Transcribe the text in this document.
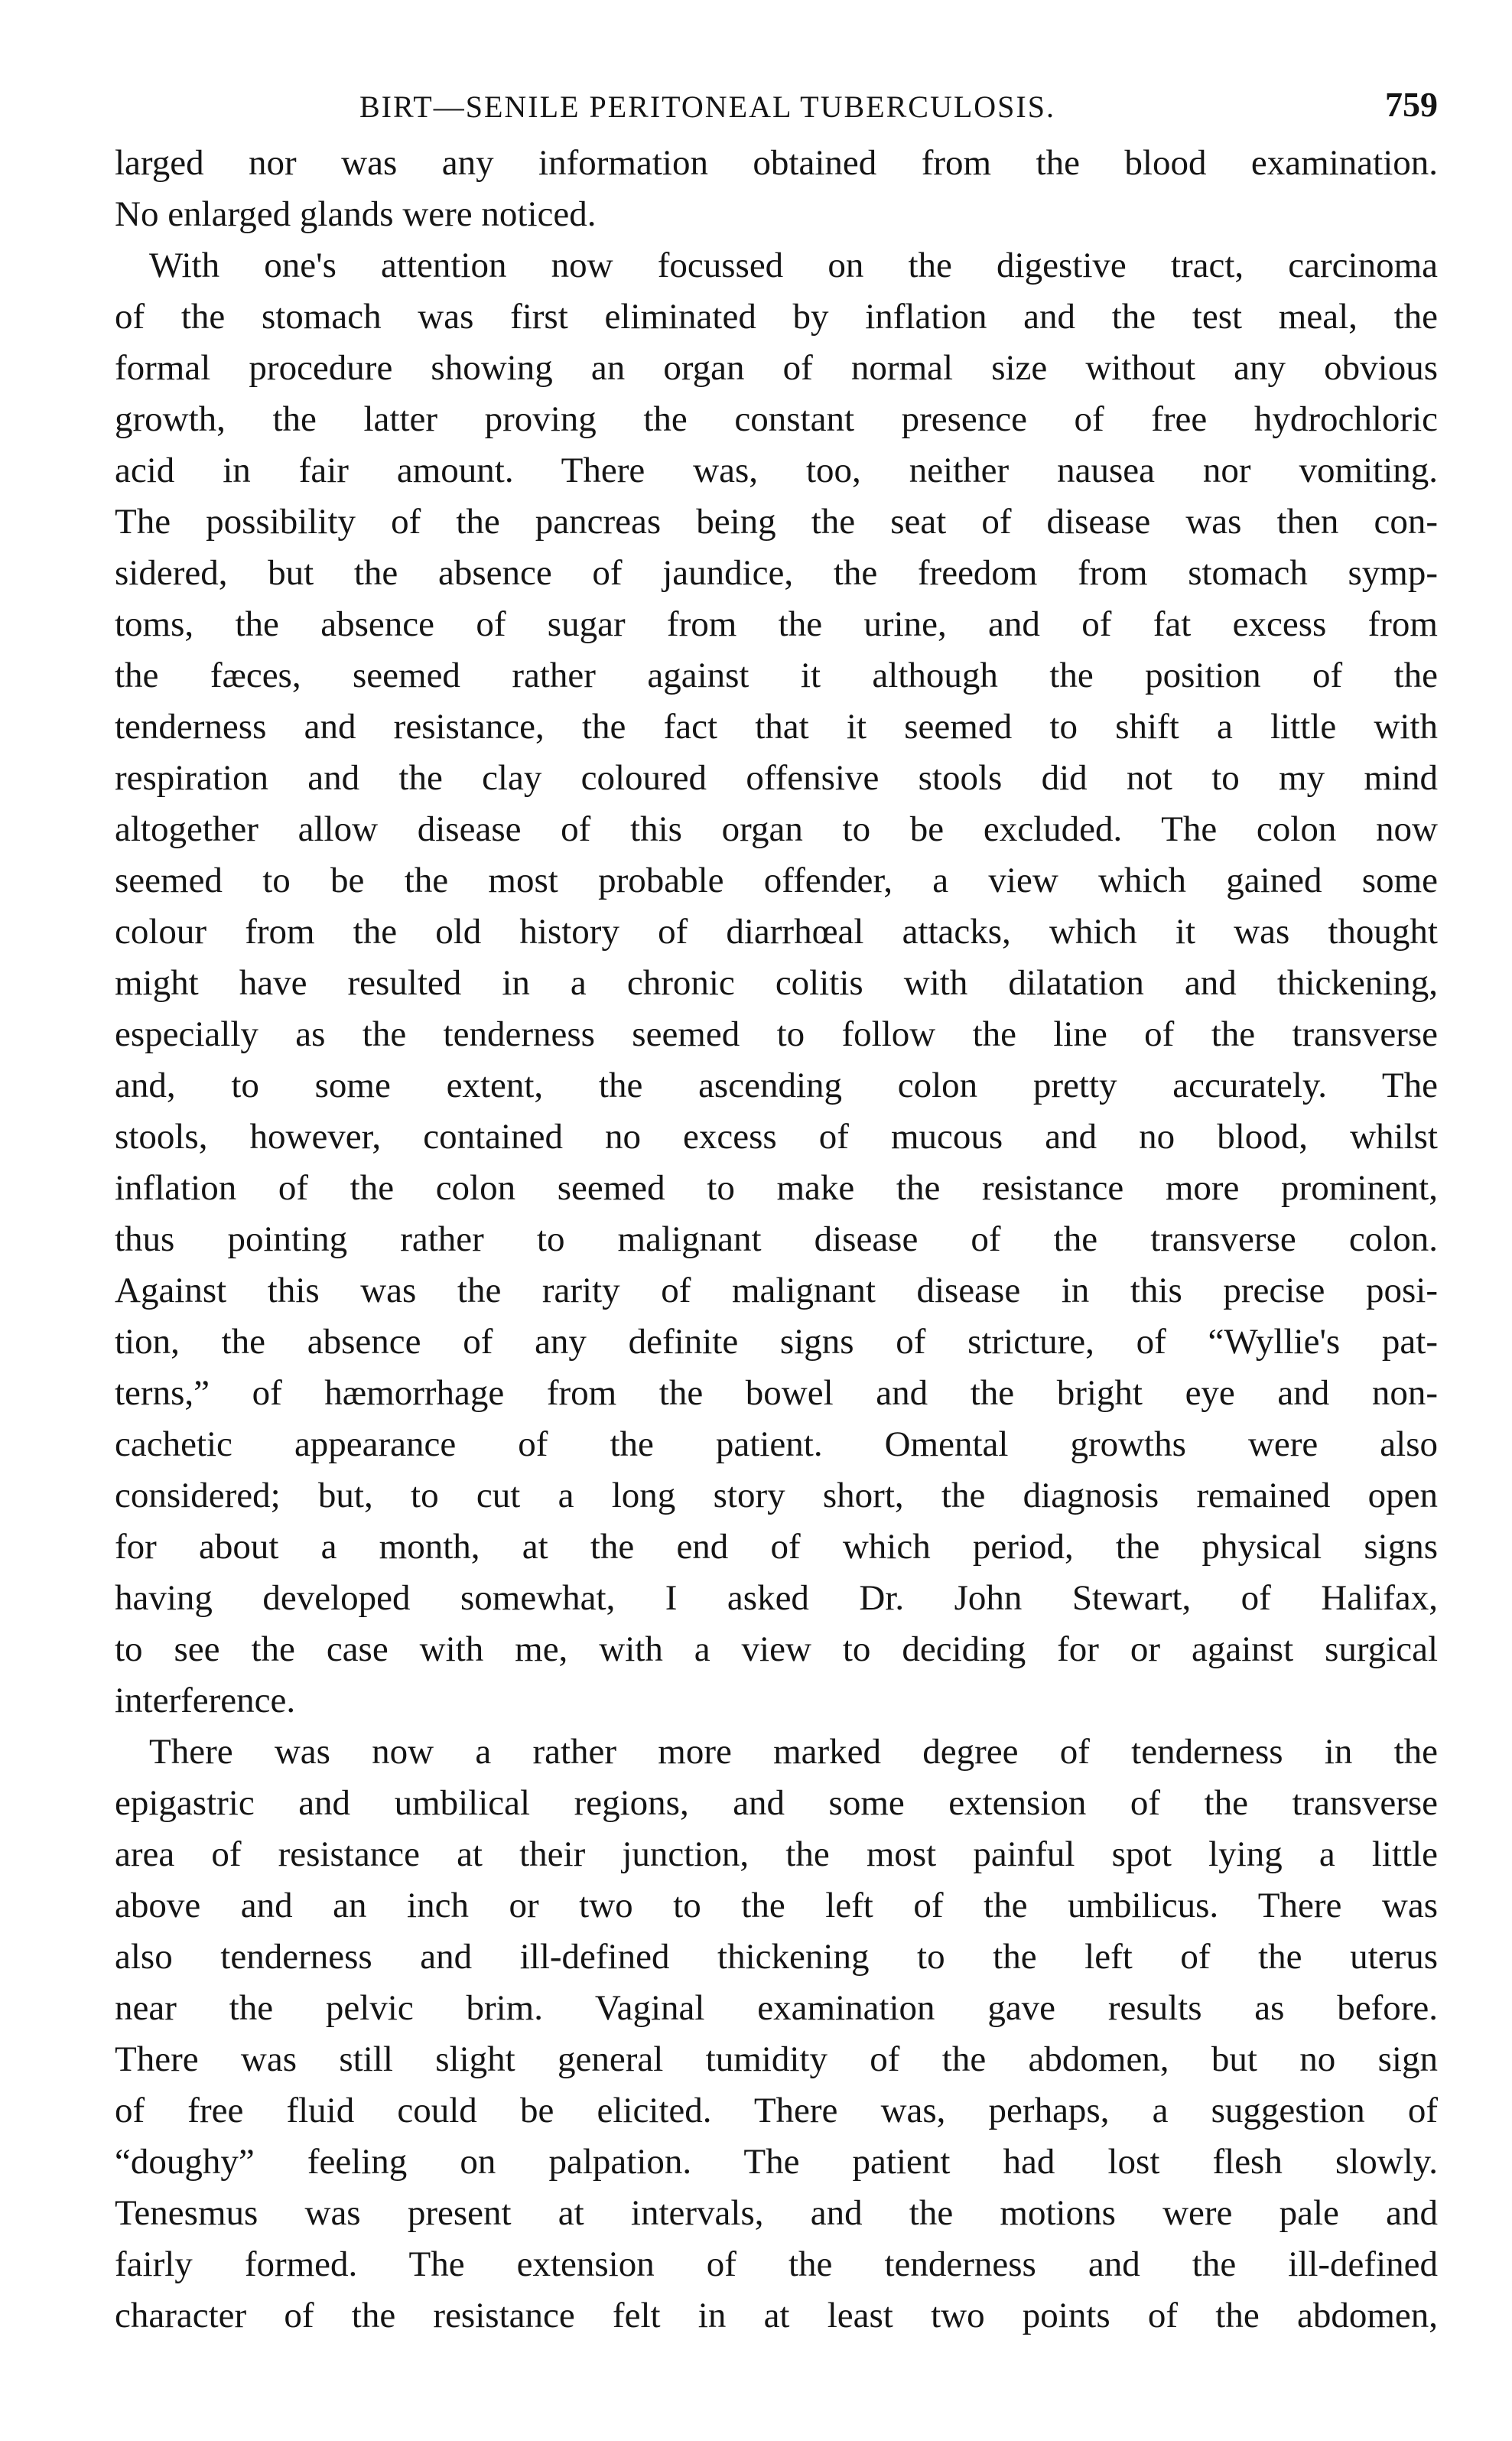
BIRT—SENILE PERITONEAL TUBERCULOSIS.	759
larged nor was any information obtained from the blood examination.
No enlarged glands were noticed.
With one's attention now focussed on the digestive tract, carcinoma
of the stomach was first eliminated by inflation and the test meal, the
formal procedure showing an organ of normal size without any obvious
growth, the latter proving the constant presence of free hydrochloric
acid in fair amount. There was, too, neither nausea nor vomiting.
The possibility of the pancreas being the seat of disease was then con-
sidered, but the absence of jaundice, the freedom from stomach symp-
toms, the absence of sugar from the urine, and of fat excess from
the fæces, seemed rather against it although the position of the
tenderness and resistance, the fact that it seemed to shift a little with
respiration and the clay coloured offensive stools did not to my mind
altogether allow disease of this organ to be excluded. The colon now
seemed to be the most probable offender, a view which gained some
colour from the old history of diarrhœal attacks, which it was thought
might have resulted in a chronic colitis with dilatation and thickening,
especially as the tenderness seemed to follow the line of the transverse
and, to some extent, the ascending colon pretty accurately. The
stools, however, contained no excess of mucous and no blood, whilst
inflation of the colon seemed to make the resistance more prominent,
thus pointing rather to malignant disease of the transverse colon.
Against this was the rarity of malignant disease in this precise posi-
tion, the absence of any definite signs of stricture, of “Wyllie's pat-
terns,” of hæmorrhage from the bowel and the bright eye and non-
cachetic appearance of the patient. Omental growths were also
considered; but, to cut a long story short, the diagnosis remained open
for about a month, at the end of which period, the physical signs
having developed somewhat, I asked Dr. John Stewart, of Halifax,
to see the case with me, with a view to deciding for or against surgical
interference.
There was now a rather more marked degree of tenderness in the
epigastric and umbilical regions, and some extension of the transverse
area of resistance at their junction, the most painful spot lying a little
above and an inch or two to the left of the umbilicus. There was
also tenderness and ill-defined thickening to the left of the uterus
near the pelvic brim. Vaginal examination gave results as before.
There was still slight general tumidity of the abdomen, but no sign
of free fluid could be elicited. There was, perhaps, a suggestion of
“doughy” feeling on palpation. The patient had lost flesh slowly.
Tenesmus was present at intervals, and the motions were pale and
fairly formed. The extension of the tenderness and the ill-defined
character of the resistance felt in at least two points of the abdomen,
